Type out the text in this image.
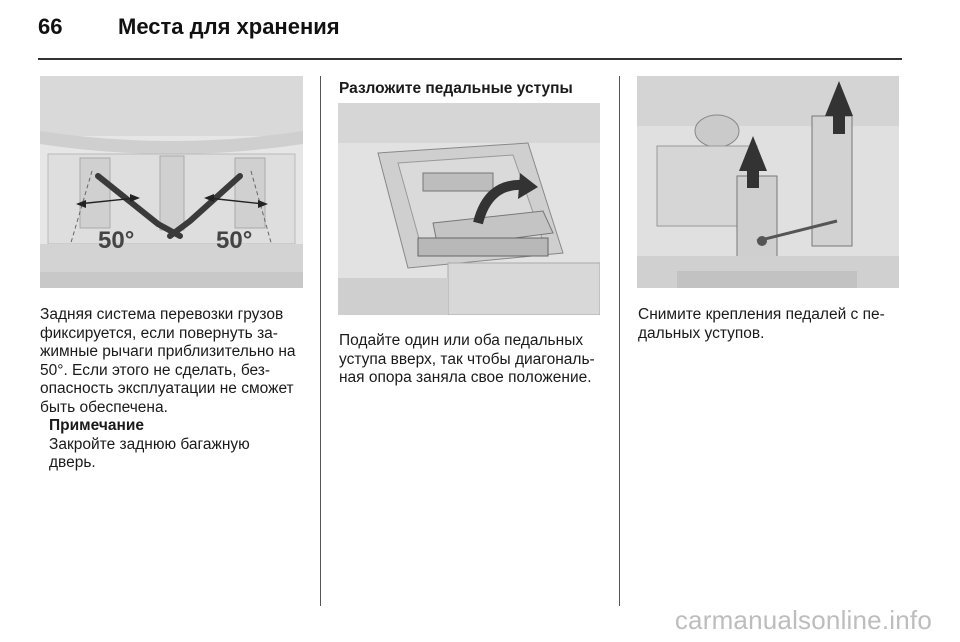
66	Места для хранения
50°	50°

Задняя система перевозки грузов

фиксируется, если повернуть за-

жимные рычаги приблизительно на

50°. Если этого не сделать, без-

опасность эксплуатации не сможет

быть обеспечена.

Примечание

Закройте заднюю багажную

дверь.

Разложите педальные уступы

Подайте один или оба педальных

уступа вверх, так чтобы диагональ-

ная опора заняла свое положение.

Снимите крепления педалей с пе-

дальных уступов.

carmanualsonline.info
